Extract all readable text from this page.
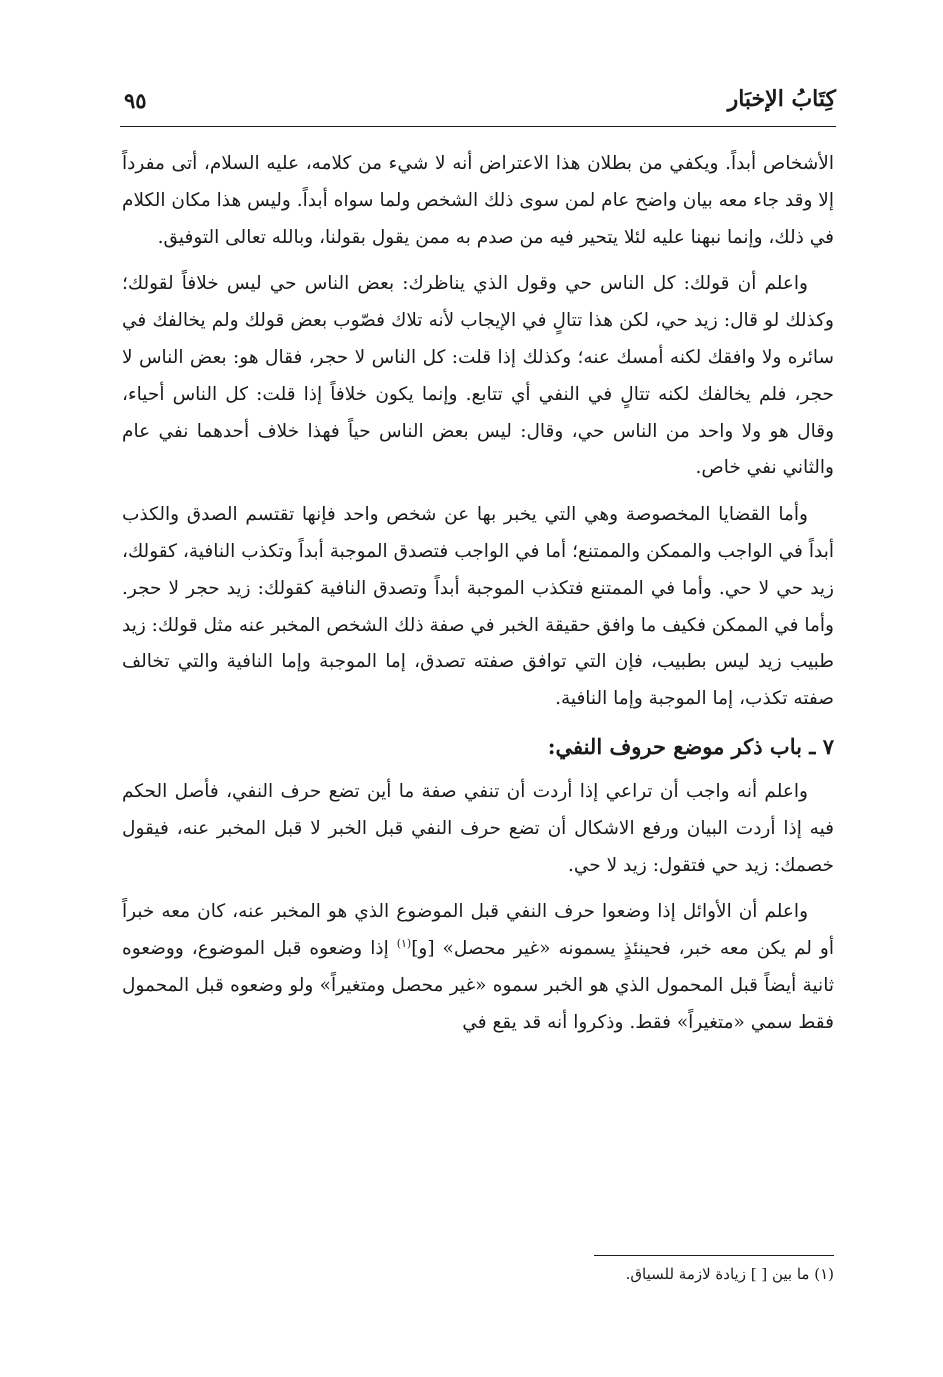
كِتَابُ الإخبَار
٩٥

الأشخاص أبداً. ويكفي من بطلان هذا الاعتراض أنه لا شيء من كلامه، عليه السلام، أتى مفرداً إلا وقد جاء معه بيان واضح عام لمن سوى ذلك الشخص ولما سواه أبداً. وليس هذا مكان الكلام في ذلك، وإنما نبهنا عليه لئلا يتحير فيه من صدم به ممن يقول بقولنا، وبالله تعالى التوفيق.

واعلم أن قولك: كل الناس حي وقول الذي يناظرك: بعض الناس حي ليس خلافاً لقولك؛ وكذلك لو قال: زيد حي، لكن هذا تتالٍ في الإيجاب لأنه تلاك فصّوب بعض قولك ولم يخالفك في سائره ولا وافقك لكنه أمسك عنه؛ وكذلك إذا قلت: كل الناس لا حجر، فقال هو: بعض الناس لا حجر، فلم يخالفك لكنه تتالٍ في النفي أي تتابع. وإنما يكون خلافاً إذا قلت: كل الناس أحياء، وقال هو ولا واحد من الناس حي، وقال: ليس بعض الناس حياً فهذا خلاف أحدهما نفي عام والثاني نفي خاص.

وأما القضايا المخصوصة وهي التي يخبر بها عن شخص واحد فإنها تقتسم الصدق والكذب أبداً في الواجب والممكن والممتنع؛ أما في الواجب فتصدق الموجبة أبداً وتكذب النافية، كقولك، زيد حي لا حي. وأما في الممتنع فتكذب الموجبة أبداً وتصدق النافية كقولك: زيد حجر لا حجر. وأما في الممكن فكيف ما وافق حقيقة الخبر في صفة ذلك الشخص المخبر عنه مثل قولك: زيد طبيب زيد ليس بطبيب، فإن التي توافق صفته تصدق، إما الموجبة وإما النافية والتي تخالف صفته تكذب، إما الموجبة وإما النافية.

٧ ـ باب ذكر موضع حروف النفي:

واعلم أنه واجب أن تراعي إذا أردت أن تنفي صفة ما أين تضع حرف النفي، فأصل الحكم فيه إذا أردت البيان ورفع الاشكال أن تضع حرف النفي قبل الخبر لا قبل المخبر عنه، فيقول خصمك: زيد حي فتقول: زيد لا حي.

واعلم أن الأوائل إذا وضعوا حرف النفي قبل الموضوع الذي هو المخبر عنه، كان معه خبراً أو لم يكن معه خبر، فحينئذٍ يسمونه «غير محصل» [و]$^{(١)}$ إذا وضعوه قبل الموضوع، ووضعوه ثانية أيضاً قبل المحمول الذي هو الخبر سموه «غير محصل ومتغيراً» ولو وضعوه قبل المحمول فقط سمي «متغيراً» فقط. وذكروا أنه قد يقع في

(١) ما بين [ ] زيادة لازمة للسياق.
